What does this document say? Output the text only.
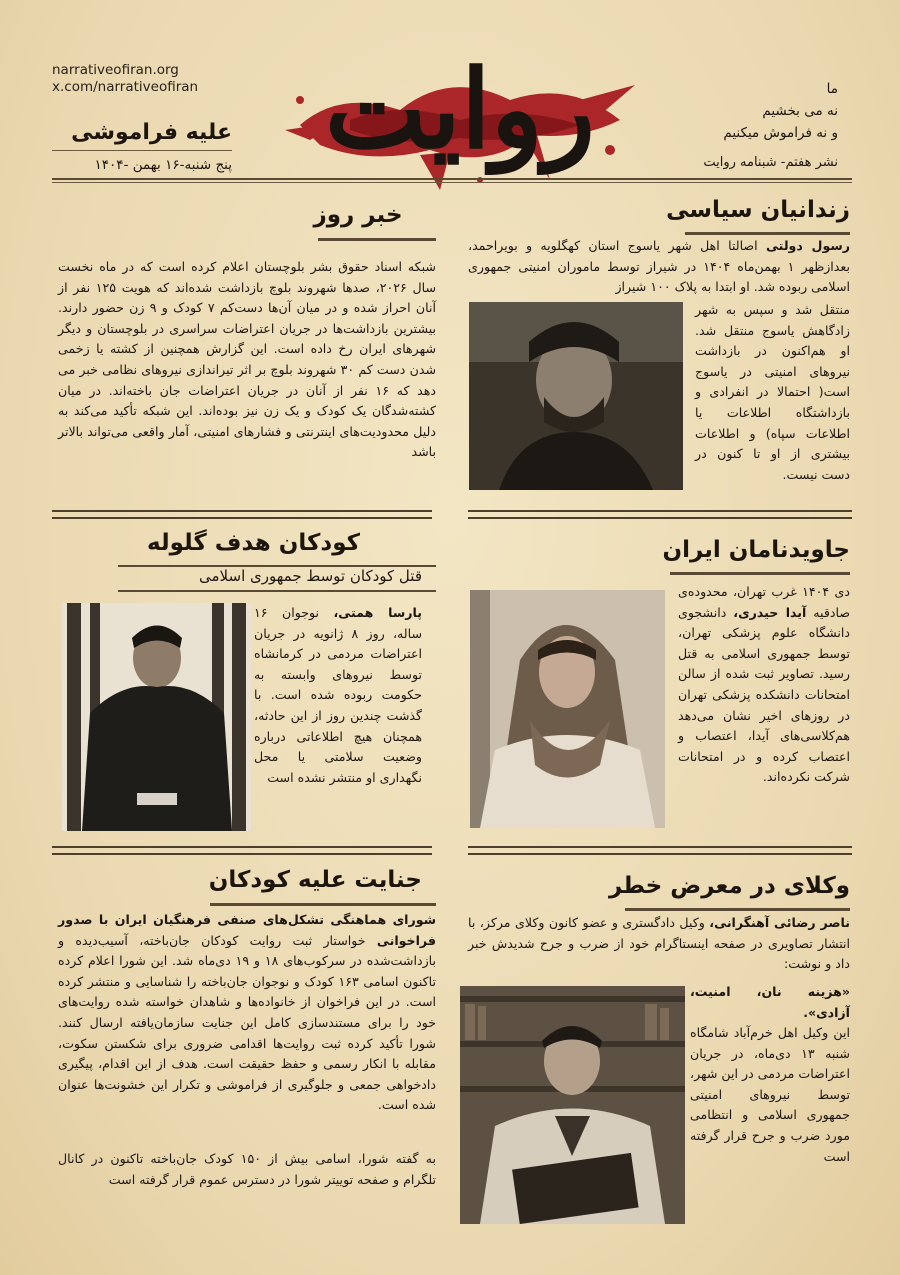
narrativeofiran.org
x.com/narrativeofiran
علیه فراموشی
پنج شنبه-۱۶ بهمن -۱۴۰۴ روایت	ما
نه می بخشیم
و نه فراموش میکنیم
نشر هفتم- شبنامه روایت
زندانیان سیاسی
رسول دولتی اصالتا اهل شهر یاسوج استان کهگلویه و بویراحمد، بعدازظهر ۱ بهمن‌ماه ۱۴۰۴ در شیراز توسط ماموران امنیتی جمهوری اسلامی ربوده شد. او ابتدا به پلاک ۱۰۰ شیراز
منتقل شد و سپس به شهر زادگاهش یاسوج منتقل شد. او هم‌اکنون در بازداشت نیروهای امنیتی در یاسوج است( احتمالا در انفرادی و بازداشتگاه اطلاعات یا اطلاعات سپاه) و اطلاعات بیشتری از او تا کنون در دست نیست.
خبر روز
شبکه اسناد حقوق بشر بلوچستان اعلام کرده است که در ماه نخست سال ۲۰۲۶، صدها شهروند بلوچ بازداشت شده‌اند که هویت ۱۲۵ نفر از آنان احراز شده و در میان آن‌ها دست‌کم ۷ کودک و ۹ زن حضور دارند. بیشترین بازداشت‌ها در جریان اعتراضات سراسری در بلوچستان و دیگر شهرهای ایران رخ داده است. این گزارش همچنین از کشته یا زخمی شدن دست کم ۳۰ شهروند بلوچ بر اثر تیراندازی نیروهای نظامی خبر می دهد که ۱۶ نفر از آنان در جریان اعتراضات جان باخته‌اند. در میان کشته‌شدگان یک کودک و یک زن نیز بوده‌اند. این شبکه تأکید می‌کند به دلیل محدودیت‌های اینترنتی و فشارهای امنیتی، آمار واقعی می‌تواند بالاتر باشد
کودکان هدف گلوله
قتل کودکان توسط جمهوری اسلامی
پارسا همتی، نوجوان ۱۶ ساله، روز ۸ ژانویه در جریان اعتراضات مردمی در کرمانشاه توسط نیروهای وابسته به حکومت ربوده شده است. با گذشت چندین روز از این حادثه، همچنان هیچ اطلاعاتی درباره وضعیت سلامتی یا محل نگهداری او منتشر نشده است
جاویدنامان ایران
دی ۱۴۰۴ غرب تهران، محدوده‌ی صادقیه آیدا حیدری، دانشجوی دانشگاه علوم پزشکی تهران، توسط جمهوری اسلامی به قتل رسید. تصاویر ثبت شده از سالن امتحانات دانشکده پزشکی تهران در روزهای اخیر نشان می‌دهد هم‌کلاسی‌های آیدا، اعتصاب و اعتصاب کرده و در امتحانات شرکت نکرده‌اند.
جنایت علیه کودکان
شورای هماهنگی تشکل‌های صنفی فرهنگیان ایران با صدور فراخوانی خواستار ثبت روایت کودکان جان‌باخته، آسیب‌دیده و بازداشت‌شده در سرکوب‌های ۱۸ و ۱۹ دی‌ماه شد. این شورا اعلام کرده تاکنون اسامی ۱۶۳ کودک و نوجوان جان‌باخته را شناسایی و منتشر کرده است. در این فراخوان از خانواده‌ها و شاهدان خواسته شده روایت‌های خود را برای مستندسازی کامل این جنایت سازمان‌یافته ارسال کنند. شورا تأکید کرده ثبت روایت‌ها اقدامی ضروری برای شکستن سکوت، مقابله با انکار رسمی و حفظ حقیقت است. هدف از این اقدام، پیگیری دادخواهی جمعی و جلوگیری از فراموشی و تکرار این خشونت‌ها عنوان شده است.
به گفته شورا، اسامی بیش از ۱۵۰ کودک جان‌باخته تاکنون در کانال تلگرام و صفحه توییتر شورا در دسترس عموم قرار گرفته است
وکلای در معرض خطر
ناصر رضائی آهنگرانی، وکیل دادگستری و عضو کانون وکلای مرکز، با انتشار تصاویری در صفحه اینستاگرام خود از ضرب و جرح شدیدش خبر داد و نوشت:
«هزینه نان، امنیت، آزادی».
این وکیل اهل خرم‌آباد شامگاه شنبه ۱۳ دی‌ماه، در جریان اعتراضات مردمی در این شهر، توسط نیروهای امنیتی جمهوری اسلامی و انتظامی مورد ضرب و جرح قرار گرفته است
